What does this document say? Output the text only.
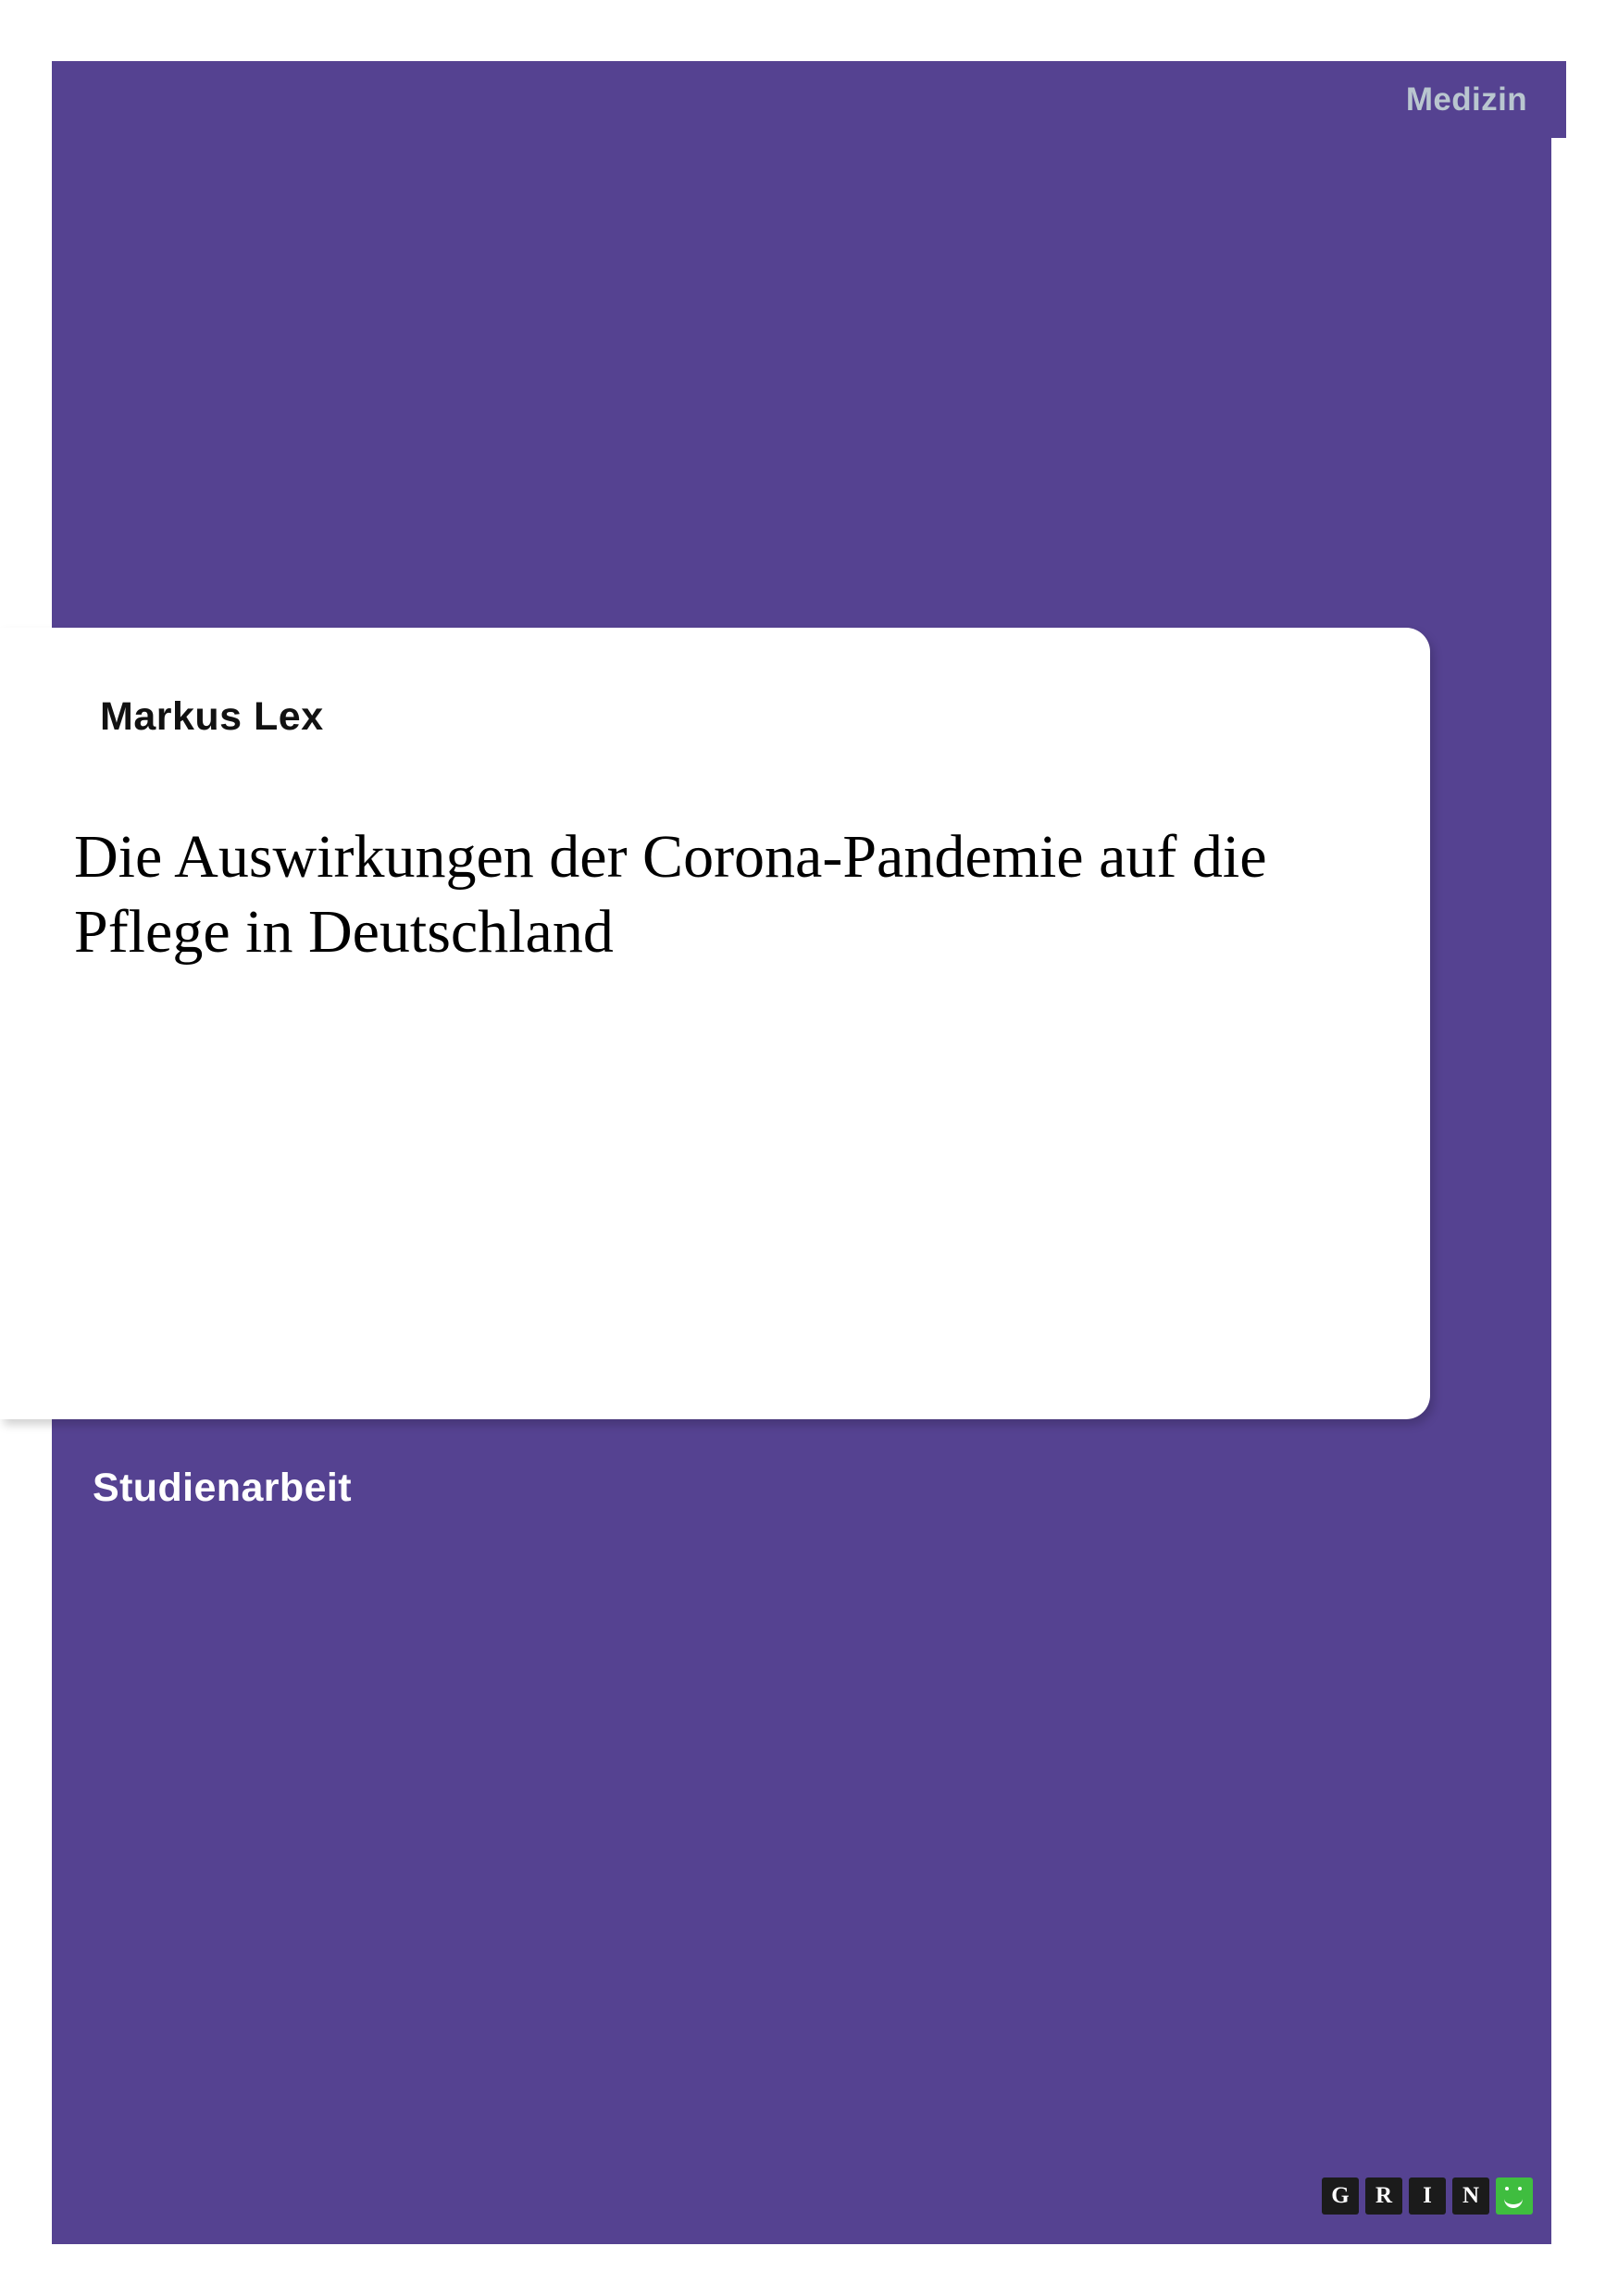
Medizin
Markus Lex
Die Auswirkungen der Corona-Pandemie auf die Pflege in Deutschland
Studienarbeit
G	R	I	N
